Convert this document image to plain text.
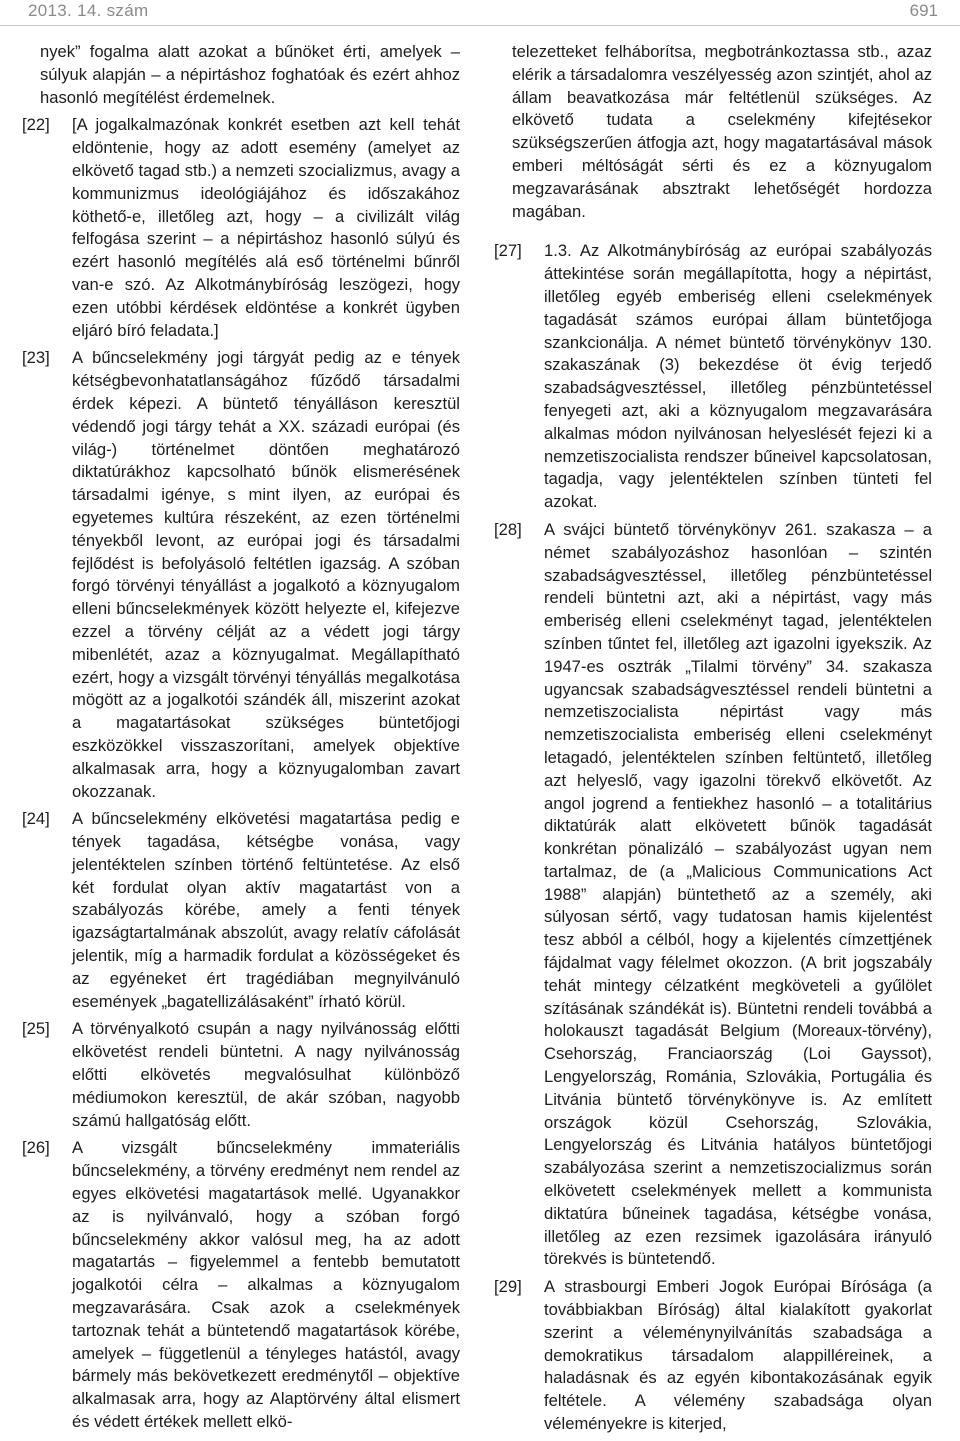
2013. 14. szám	691
nyek” fogalma alatt azokat a bűnöket érti, amelyek – súlyuk alapján – a népirtáshoz foghatóak és ezért ahhoz hasonló megítélést érdemelnek.
[22]	[A jogalkalmazónak konkrét esetben azt kell tehát eldöntenie, hogy az adott esemény (amelyet az elkövető tagad stb.) a nemzeti szocializmus, avagy a kommunizmus ideológiájához és időszakához köthető-e, illetőleg azt, hogy – a civilizált világ felfogása szerint – a népirtáshoz hasonló súlyú és ezért hasonló megítélés alá eső történelmi bűnről van-e szó. Az Alkotmánybíróság leszögezi, hogy ezen utóbbi kérdések eldöntése a konkrét ügyben eljáró bíró feladata.]
[23]	A bűncselekmény jogi tárgyát pedig az e tények kétségbevonhatatlanságához fűződő társadalmi érdek képezi. A büntető tényálláson keresztül védendő jogi tárgy tehát a XX. századi európai (és világ-) történelmet döntően meghatározó diktatúrákhoz kapcsolható bűnök elismerésének társadalmi igénye, s mint ilyen, az európai és egyetemes kultúra részeként, az ezen történelmi tényekből levont, az európai jogi és társadalmi fejlődést is befolyásoló feltétlen igazság. A szóban forgó törvényi tényállást a jogalkotó a köznyugalom elleni bűncselekmények között helyezte el, kifejezve ezzel a törvény célját az a védett jogi tárgy mibenlétét, azaz a köznyugalmat. Megállapítható ezért, hogy a vizsgált törvényi tényállás megalkotása mögött az a jogalkotói szándék áll, miszerint azokat a magatartásokat szükséges büntetőjogi eszközökkel visszaszorítani, amelyek objektíve alkalmasak arra, hogy a köznyugalomban zavart okozzanak.
[24]	A bűncselekmény elkövetési magatartása pedig e tények tagadása, kétségbe vonása, vagy jelentéktelen színben történő feltüntetése. Az első két fordulat olyan aktív magatartást von a szabályozás körébe, amely a fenti tények igazságtartalmának abszolút, avagy relatív cáfolását jelentik, míg a harmadik fordulat a közösségeket és az egyéneket ért tragédiában megnyilvánuló események „bagatellizálásaként” írható körül.
[25]	A törvényalkotó csupán a nagy nyilvánosság előtti elkövetést rendeli büntetni. A nagy nyilvánosság előtti elkövetés megvalósulhat különböző médiumokon keresztül, de akár szóban, nagyobb számú hallgatóság előtt.
[26]	A vizsgált bűncselekmény immateriális bűncselekmény, a törvény eredményt nem rendel az egyes elkövetési magatartások mellé. Ugyanakkor az is nyilvánvaló, hogy a szóban forgó bűncselekmény akkor valósul meg, ha az adott magatartás – figyelemmel a fentebb bemutatott jogalkotói célra – alkalmas a köznyugalom megzavarására. Csak azok a cselekmények tartoznak tehát a büntetendő magatartások körébe, amelyek – függetlenül a tényleges hatástól, avagy bármely más bekövetkezett eredménytől – objektíve alkalmasak arra, hogy az Alaptörvény által elismert és védett értékek mellett elkö-
telezetteket felháborítsa, megbotránkoztassa stb., azaz elérik a társadalomra veszélyesség azon szintjét, ahol az állam beavatkozása már feltétlenül szükséges. Az elkövető tudata a cselekmény kifejtésekor szükségszerűen átfogja azt, hogy magatartásával mások emberi méltóságát sérti és ez a köznyugalom megzavarásának absztrakt lehetőségét hordozza magában.
[27]	1.3. Az Alkotmánybíróság az európai szabályozás áttekintése során megállapította, hogy a népirtást, illetőleg egyéb emberiség elleni cselekmények tagadását számos európai állam büntetőjoga szankcionálja. A német büntető törvénykönyv 130. szakaszának (3) bekezdése öt évig terjedő szabadságvesztéssel, illetőleg pénzbüntetéssel fenyegeti azt, aki a köznyugalom megzavarására alkalmas módon nyilvánosan helyeslését fejezi ki a nemzetiszocialista rendszer bűneivel kapcsolatosan, tagadja, vagy jelentéktelen színben tünteti fel azokat.
[28]	A svájci büntető törvénykönyv 261. szakasza – a német szabályozáshoz hasonlóan – szintén szabadságvesztéssel, illetőleg pénzbüntetéssel rendeli büntetni azt, aki a népirtást, vagy más emberiség elleni cselekményt tagad, jelentéktelen színben tűntet fel, illetőleg azt igazolni igyekszik. Az 1947-es osztrák „Tilalmi törvény” 34. szakasza ugyancsak szabadságvesztéssel rendeli büntetni a nemzetiszocialista népirtást vagy más nemzetiszocialista emberiség elleni cselekményt letagadó, jelentéktelen színben feltüntető, illetőleg azt helyeslő, vagy igazolni törekvő elkövetőt. Az angol jogrend a fentiekhez hasonló – a totalitárius diktatúrák alatt elkövetett bűnök tagadását konkrétan pönalizáló – szabályozást ugyan nem tartalmaz, de (a „Malicious Communications Act 1988” alapján) büntethető az a személy, aki súlyosan sértő, vagy tudatosan hamis kijelentést tesz abból a célból, hogy a kijelentés címzettjének fájdalmat vagy félelmet okozzon. (A brit jogszabály tehát mintegy célzatként megköveteli a gyűlölet szításának szándékát is). Büntetni rendeli továbbá a holokauszt tagadását Belgium (Moreaux-törvény), Csehország, Franciaország (Loi Gayssot), Lengyelország, Románia, Szlovákia, Portugália és Litvánia büntető törvénykönyve is. Az említett országok közül Csehország, Szlovákia, Lengyelország és Litvánia hatályos büntetőjogi szabályozása szerint a nemzetiszocializmus során elkövetett cselekmények mellett a kommunista diktatúra bűneinek tagadása, kétségbe vonása, illetőleg az ezen rezsimek igazolására irányuló törekvés is büntetendő.
[29]	A strasbourgi Emberi Jogok Európai Bírósága (a továbbiakban Bíróság) által kialakított gyakorlat szerint a véleménynyilvánítás szabadsága a demokratikus társadalom alappilléreinek, a haladásnak és az egyén kibontakozásának egyik feltétele. A vélemény szabadsága olyan véleményekre is kiterjed,
